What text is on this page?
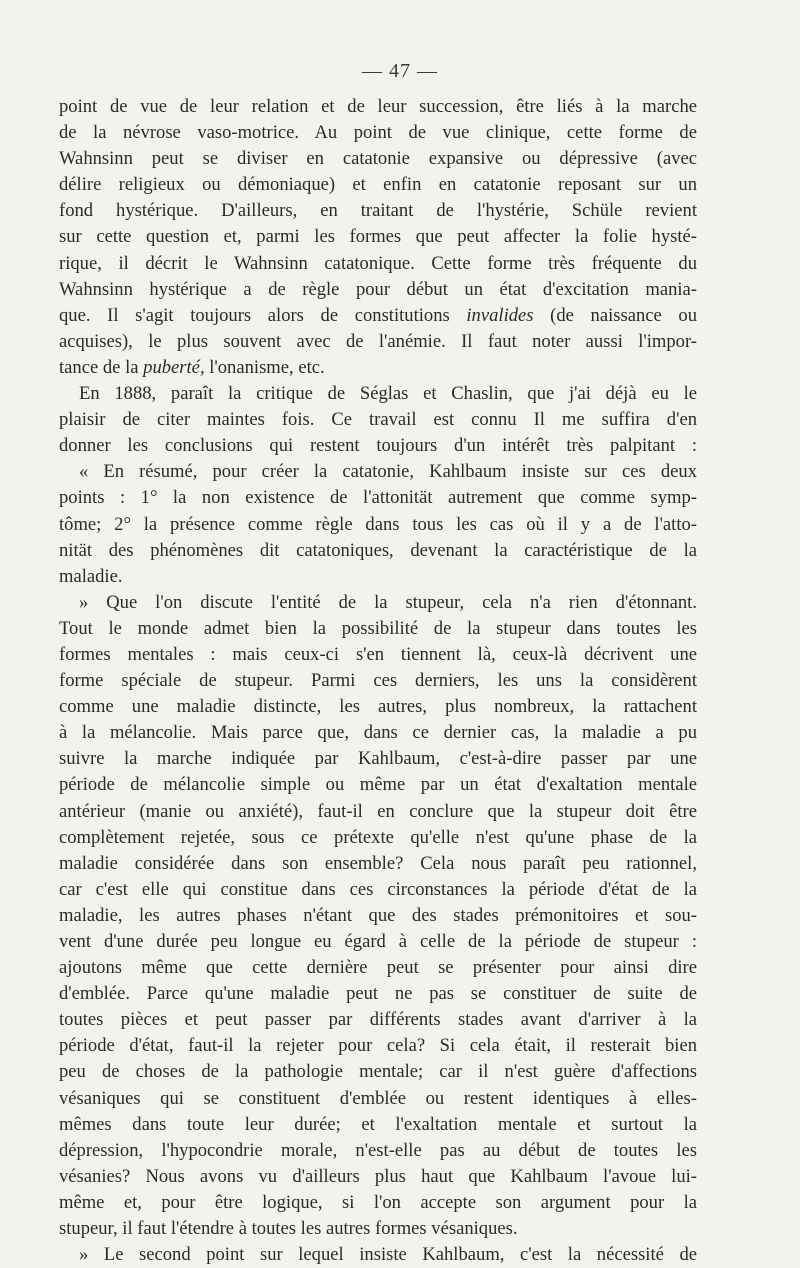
— 47 —
point de vue de leur relation et de leur succession, être liés à la marche
de la névrose vaso-motrice. Au point de vue clinique, cette forme de
Wahnsinn peut se diviser en catatonie expansive ou dépressive (avec
délire religieux ou démoniaque) et enfin en catatonie reposant sur un
fond hystérique. D'ailleurs, en traitant de l'hystérie, Schüle revient
sur cette question et, parmi les formes que peut affecter la folie hysté-
rique, il décrit le Wahnsinn catatonique. Cette forme très fréquente du
Wahnsinn hystérique a de règle pour début un état d'excitation mania-
que. Il s'agit toujours alors de constitutions invalides (de naissance ou
acquises), le plus souvent avec de l'anémie. Il faut noter aussi l'impor-
tance de la puberté, l'onanisme, etc.
En 1888, paraît la critique de Séglas et Chaslin, que j'ai déjà eu le
plaisir de citer maintes fois. Ce travail est connu Il me suffira d'en
donner les conclusions qui restent toujours d'un intérêt très palpitant :
« En résumé, pour créer la catatonie, Kahlbaum insiste sur ces deux
points : 1° la non existence de l'attonität autrement que comme symp-
tôme; 2° la présence comme règle dans tous les cas où il y a de l'atto-
nität des phénomènes dit catatoniques, devenant la caractéristique de la
maladie.
» Que l'on discute l'entité de la stupeur, cela n'a rien d'étonnant.
Tout le monde admet bien la possibilité de la stupeur dans toutes les
formes mentales : mais ceux-ci s'en tiennent là, ceux-là décrivent une
forme spéciale de stupeur. Parmi ces derniers, les uns la considèrent
comme une maladie distincte, les autres, plus nombreux, la rattachent
à la mélancolie. Mais parce que, dans ce dernier cas, la maladie a pu
suivre la marche indiquée par Kahlbaum, c'est-à-dire passer par une
période de mélancolie simple ou même par un état d'exaltation mentale
antérieur (manie ou anxiété), faut-il en conclure que la stupeur doit être
complètement rejetée, sous ce prétexte qu'elle n'est qu'une phase de la
maladie considérée dans son ensemble? Cela nous paraît peu rationnel,
car c'est elle qui constitue dans ces circonstances la période d'état de la
maladie, les autres phases n'étant que des stades prémonitoires et sou-
vent d'une durée peu longue eu égard à celle de la période de stupeur :
ajoutons même que cette dernière peut se présenter pour ainsi dire
d'emblée. Parce qu'une maladie peut ne pas se constituer de suite de
toutes pièces et peut passer par différents stades avant d'arriver à la
période d'état, faut-il la rejeter pour cela? Si cela était, il resterait bien
peu de choses de la pathologie mentale; car il n'est guère d'affections
vésaniques qui se constituent d'emblée ou restent identiques à elles-
mêmes dans toute leur durée; et l'exaltation mentale et surtout la
dépression, l'hypocondrie morale, n'est-elle pas au début de toutes les
vésanies? Nous avons vu d'ailleurs plus haut que Kahlbaum l'avoue lui-
même et, pour être logique, si l'on accepte son argument pour la
stupeur, il faut l'étendre à toutes les autres formes vésaniques.
» Le second point sur lequel insiste Kahlbaum, c'est la nécessité de
